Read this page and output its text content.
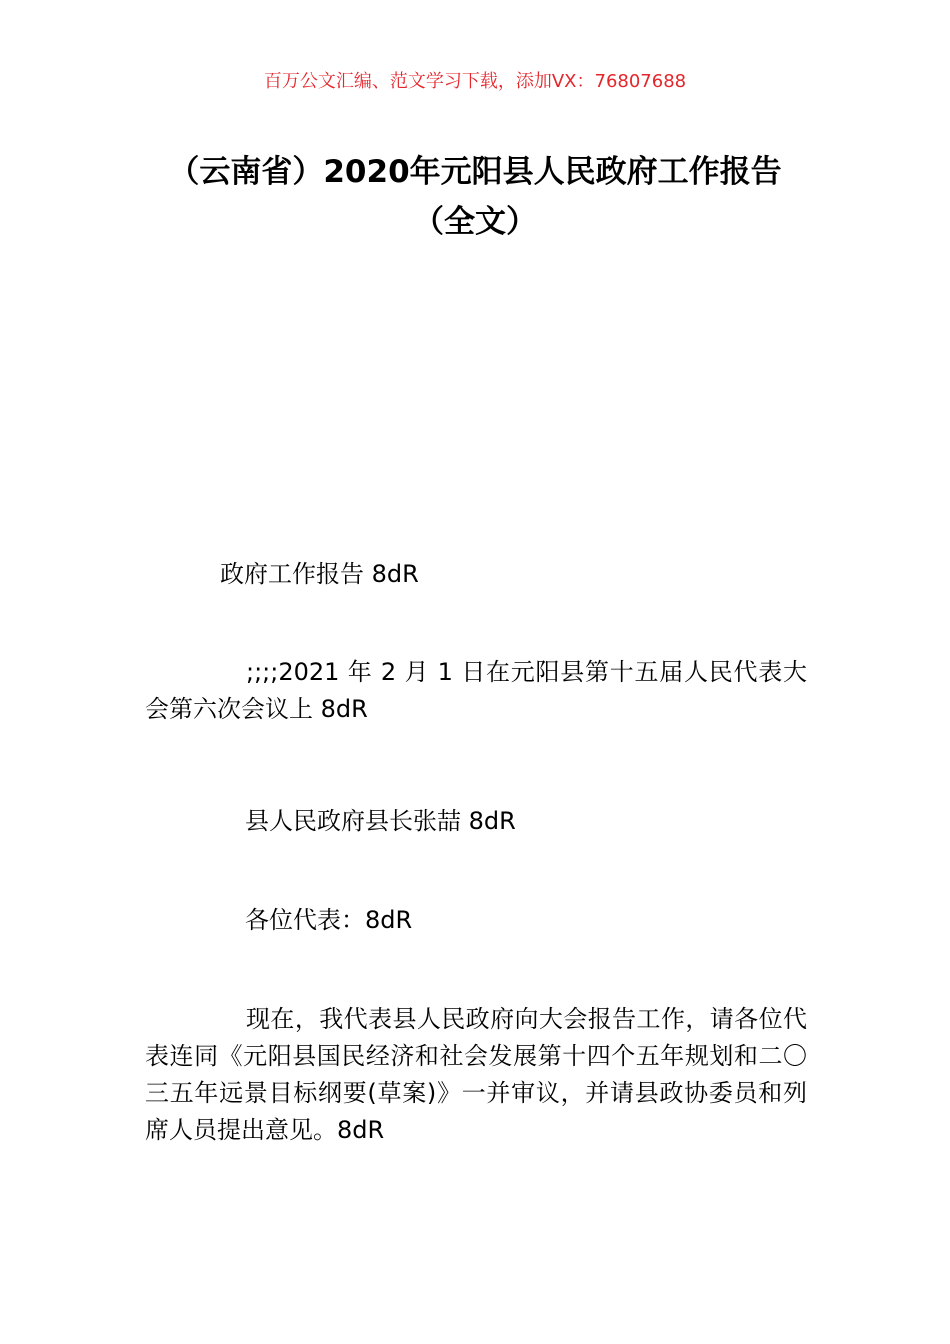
百万公文汇编、范文学习下载，添加VX：76807688
（云南省）2020年元阳县人民政府工作报告（全文）

政府工作报告 8dR

;;;;2021 年 2 月 1 日在元阳县第十五届人民代表大会第六次会议上 8dR

县人民政府县长张喆 8dR

各位代表：8dR

现在，我代表县人民政府向大会报告工作，请各位代表连同《元阳县国民经济和社会发展第十四个五年规划和二〇三五年远景目标纲要(草案)》一并审议，并请县政协委员和列席人员提出意见。8dR
